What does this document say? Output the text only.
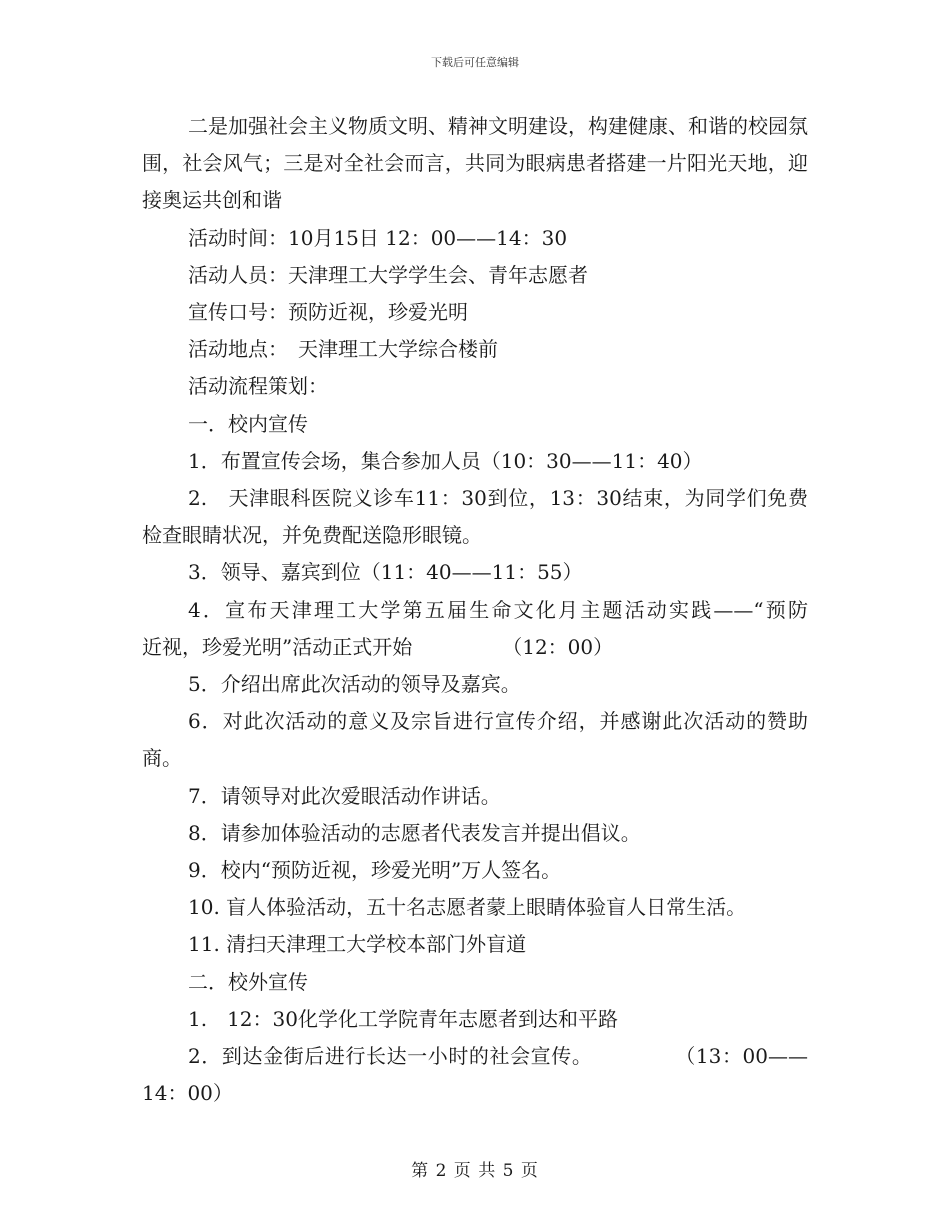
下载后可任意编辑

二是加强社会主义物质文明、精神文明建设，构建健康、和谐的校园氛围，社会风气；三是对全社会而言，共同为眼病患者搭建一片阳光天地，迎接奥运共创和谐

活动时间：10月15日 12：00——14：30

活动人员：天津理工大学学生会、青年志愿者

宣传口号：预防近视，珍爱光明

活动地点：　天津理工大学综合楼前

活动流程策划：

一．校内宣传

1．布置宣传会场，集合参加人员（10：30——11：40）

2.　天津眼科医院义诊车11：30到位，13：30结束，为同学们免费检查眼睛状况，并免费配送隐形眼镜。

3．领导、嘉宾到位（11：40——11：55）

4．宣布天津理工大学第五届生命文化月主题活动实践——“预防

近视，珍爱光明”活动正式开始　　　　　（12：00）

5．介绍出席此次活动的领导及嘉宾。

6．对此次活动的意义及宗旨进行宣传介绍，并感谢此次活动的赞助商。

7．请领导对此次爱眼活动作讲话。

8．请参加体验活动的志愿者代表发言并提出倡议。

9．校内“预防近视，珍爱光明”万人签名。

10. 盲人体验活动，五十名志愿者蒙上眼睛体验盲人日常生活。

11. 清扫天津理工大学校本部门外盲道

二．校外宣传

1.　12：30化学化工学院青年志愿者到达和平路

2．到达金街后进行长达一小时的社会宣传。　　　　　（13：00——

14：00）

第 2 页 共 5 页
